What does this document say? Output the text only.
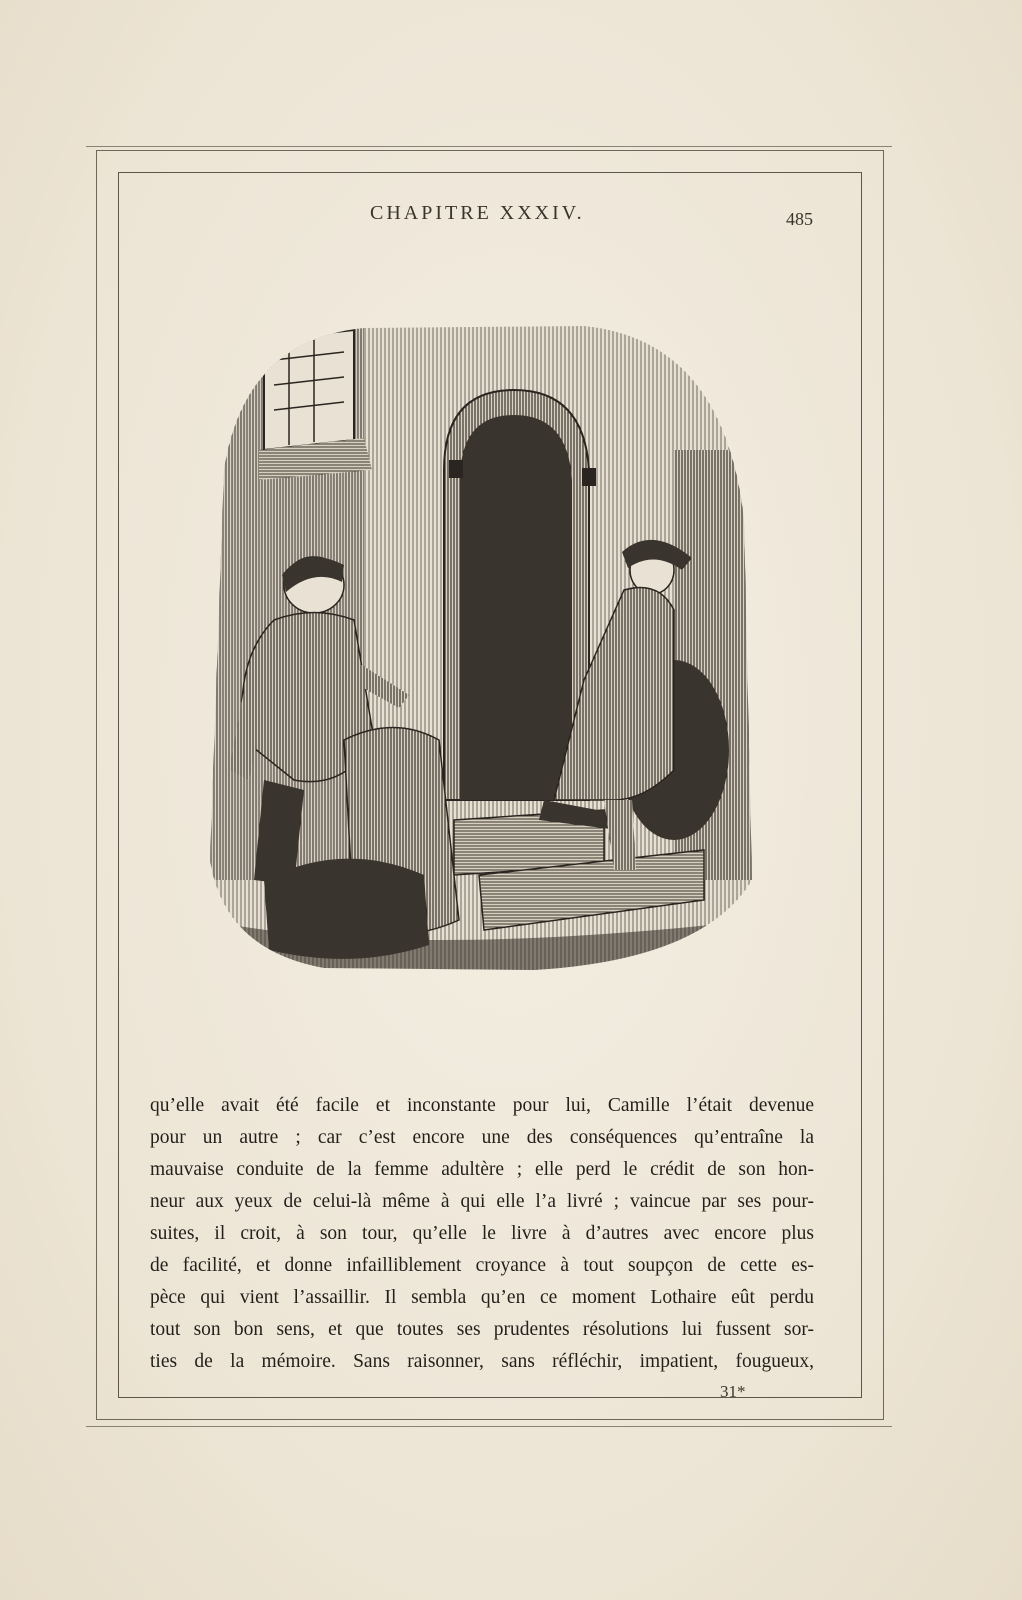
CHAPITRE XXXIV.	485
qu’elle avait été facile et inconstante pour lui, Camille l’était devenue
pour un autre ; car c’est encore une des conséquences qu’entraîne la
mauvaise conduite de la femme adultère ; elle perd le crédit de son hon-
neur aux yeux de celui-là même à qui elle l’a livré ; vaincue par ses pour-
suites, il croit, à son tour, qu’elle le livre à d’autres avec encore plus
de facilité, et donne infailliblement croyance à tout soupçon de cette es-
pèce qui vient l’assaillir. Il sembla qu’en ce moment Lothaire eût perdu
tout son bon sens, et que toutes ses prudentes résolutions lui fussent sor-
ties de la mémoire. Sans raisonner, sans réfléchir, impatient, fougueux,
31*
